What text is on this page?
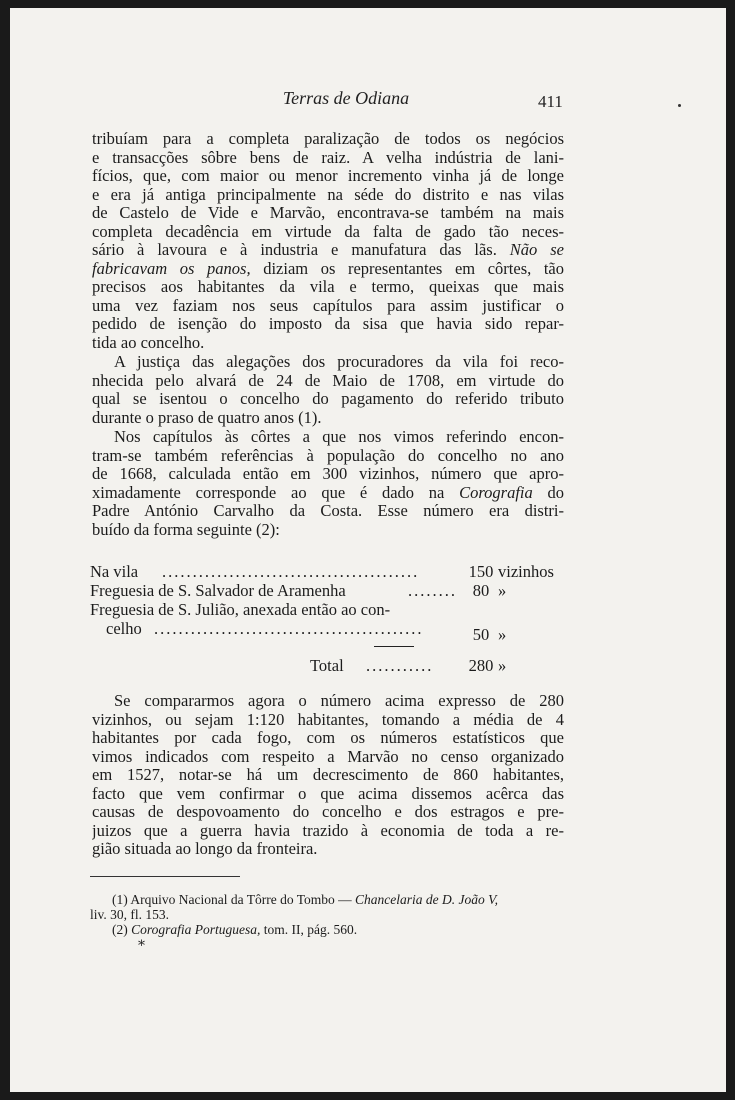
Terras de Odiana	411
tribuíam para a completa paralização de todos os negócios
e transacções sôbre bens de raiz. A velha indústria de lani-
fícios, que, com maior ou menor incremento vinha já de longe
e era já antiga principalmente na séde do distrito e nas vilas
de Castelo de Vide e Marvão, encontrava-se também na mais
completa decadência em virtude da falta de gado tão neces-
sário à lavoura e à industria e manufatura das lãs. Não se
fabricavam os panos, diziam os representantes em côrtes, tão
precisos aos habitantes da vila e termo, queixas que mais
uma vez faziam nos seus capítulos para assim justificar o
pedido de isenção do imposto da sisa que havia sido repar-
tida ao concelho.
A justiça das alegações dos procuradores da vila foi reco-
nhecida pelo alvará de 24 de Maio de 1708, em virtude do
qual se isentou o concelho do pagamento do referido tributo
durante o praso de quatro anos (1).
Nos capítulos às côrtes a que nos vimos referindo encon-
tram-se também referências à população do concelho no ano
de 1668, calculada então em 300 vizinhos, número que apro-
ximadamente corresponde ao que é dado na Corografia do
Padre António Carvalho da Costa. Esse número era distri-
buído da forma seguinte (2):
Na vila ..........................................	150 vizinhos
Freguesia de S. Salvador de Aramenha	........ 80 »
Freguesia de S. Julião, anexada então ao con-
celho ............................................	50 »
Total ...........	280 »
Se compararmos agora o número acima expresso de 280
vizinhos, ou sejam 1:120 habitantes, tomando a média de 4
habitantes por cada fogo, com os números estatísticos que
vimos indicados com respeito a Marvão no censo organizado
em 1527, notar-se há um decrescimento de 860 habitantes,
facto que vem confirmar o que acima dissemos acêrca das
causas de despovoamento do concelho e dos estragos e pre-
juizos que a guerra havia trazido à economia de toda a re-
gião situada ao longo da fronteira.
(1) Arquivo Nacional da Tôrre do Tombo — Chancelaria de D. João V,
liv. 30, fl. 153.
(2) Corografia Portuguesa, tom. II, pág. 560.
*
